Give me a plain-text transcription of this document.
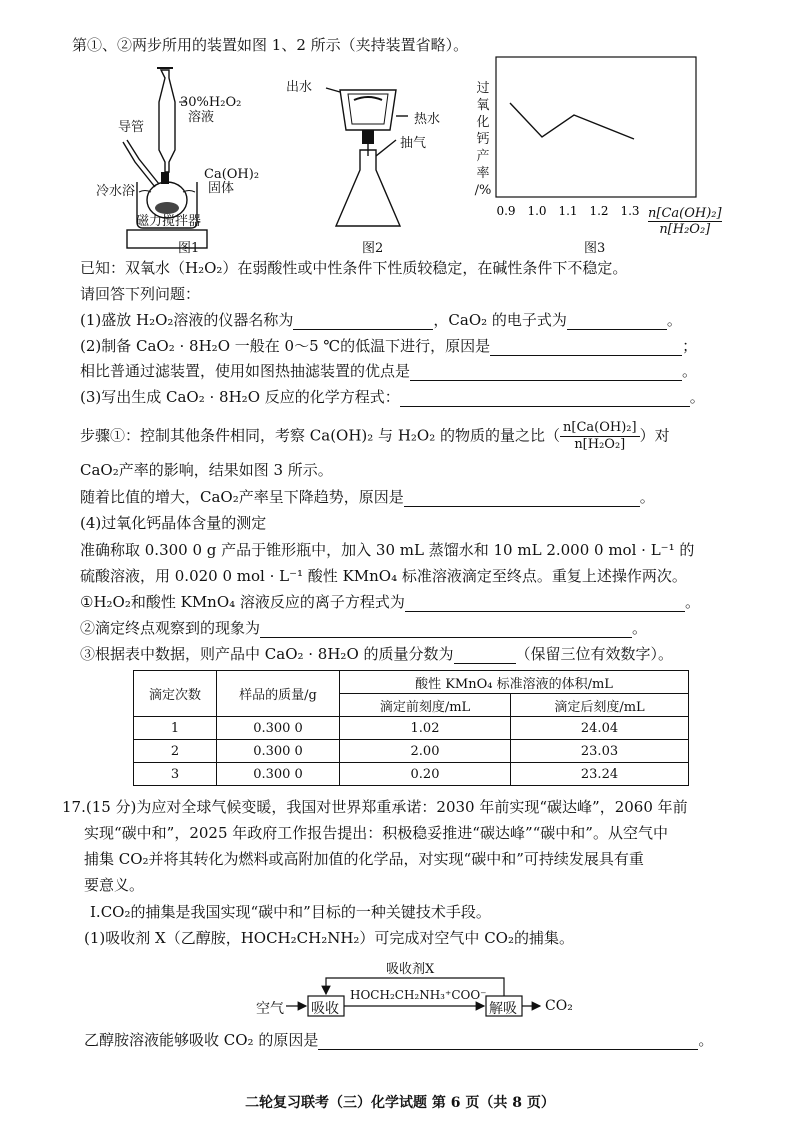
第①、②两步所用的装置如图 1、2 所示（夹持装置省略）。
30%H₂O₂
溶液
导管
冷水浴
Ca(OH)₂
固体
磁力搅拌器
图1
出水
热水
抽气
图2
过
氧
化
钙
产
率
/%
0.9 1.0 1.1 1.2 1.3 n[Ca(OH)₂]
n[H₂O₂]
图3
已知：双氧水（H₂O₂）在弱酸性或中性条件下性质较稳定，在碱性条件下不稳定。
请回答下列问题：
(1)盛放 H₂O₂溶液的仪器名称为	，CaO₂ 的电子式为	。
(2)制备 CaO₂ · 8H₂O 一般在 0～5 ℃的低温下进行，原因是	；
相比普通过滤装置，使用如图热抽滤装置的优点是	。
(3)写出生成 CaO₂ · 8H₂O 反应的化学方程式：	。
步骤①：控制其他条件相同，考察 Ca(OH)₂ 与 H₂O₂ 的物质的量之比（ $\frac{\text{n[Ca(OH)₂]}}{\text{n[H₂O₂]}}$ ）对
CaO₂产率的影响，结果如图 3 所示。
随着比值的增大，CaO₂产率呈下降趋势，原因是	。
(4)过氧化钙晶体含量的测定
准确称取 0.300 0 g 产品于锥形瓶中，加入 30 mL 蒸馏水和 10 mL 2.000 0 mol · L⁻¹ 的
硫酸溶液，用 0.020 0 mol · L⁻¹ 酸性 KMnO₄ 标准溶液滴定至终点。重复上述操作两次。
①H₂O₂和酸性 KMnO₄ 溶液反应的离子方程式为	。
②滴定终点观察到的现象为	。
③根据表中数据，则产品中 CaO₂ · 8H₂O 的质量分数为	（保留三位有效数字）。
滴定次数	样品的质量/g	酸性 KMnO₄ 标准溶液的体积/mL	
		滴定前刻度/mL	滴定后刻度/mL
1	0.300 0	1.02	24.04
2	0.300 0	2.00	23.03
3	0.300 0	0.20	23.24
17.(15 分)为应对全球气候变暖，我国对世界郑重承诺：2030 年前实现“碳达峰”，2060 年前
实现“碳中和”，2025 年政府工作报告提出：积极稳妥推进“碳达峰”“碳中和”。从空气中
捕集 CO₂并将其转化为燃料或高附加值的化学品，对实现“碳中和”可持续发展具有重
要意义。
Ⅰ.CO₂的捕集是我国实现“碳中和”目标的一种关键技术手段。
(1)吸收剂 X（乙醇胺，HOCH₂CH₂NH₂）可完成对空气中 CO₂的捕集。
吸收剂X
空气 吸收
HOCH₂CH₂NH₃⁺COO⁻
解吸 CO₂
乙醇胺溶液能够吸收 CO₂ 的原因是	。
二轮复习联考（三）化学试题 第 6 页（共 8 页）
